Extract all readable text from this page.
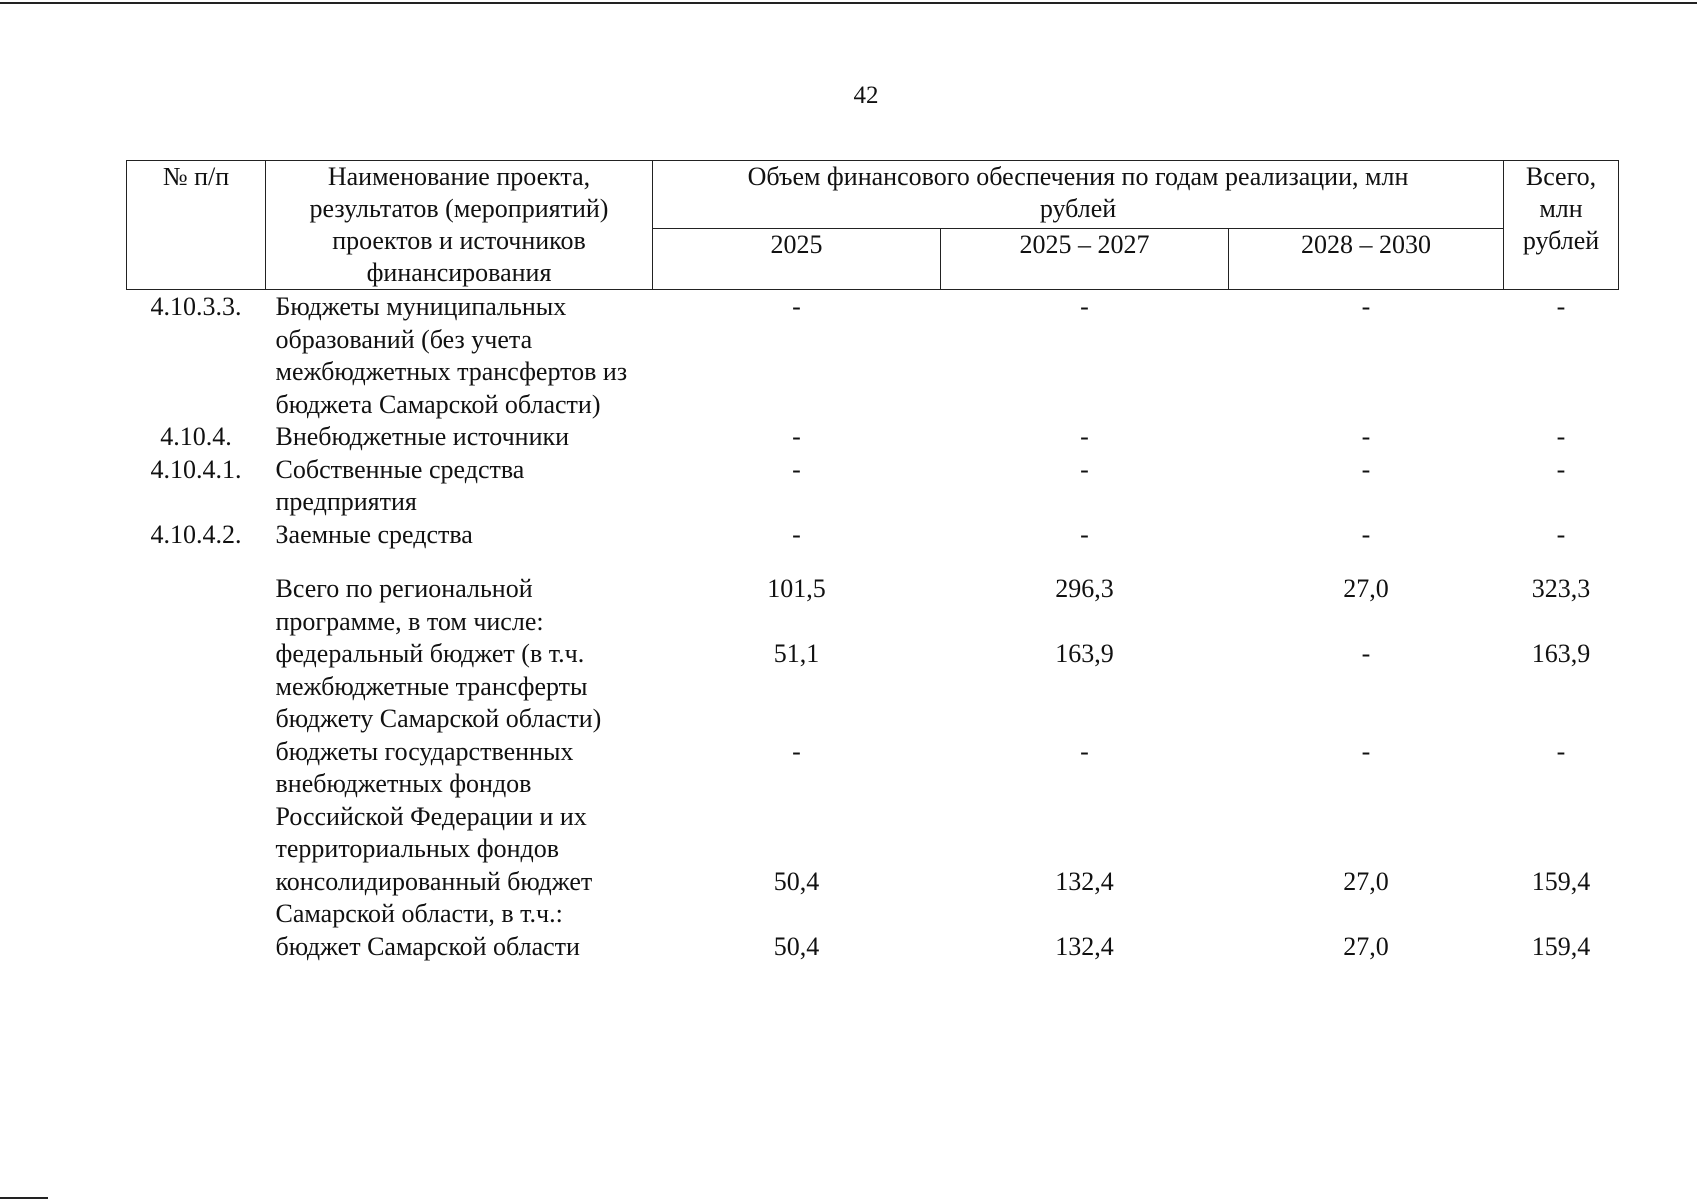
42
№ п/п	Наименование проекта, результатов (мероприятий) проектов и источников финансирования	Объем финансового обеспечения по годам реализации, млн рублей			Всего, млн рублей
		2025	2025 – 2027	2028 – 2030	
4.10.3.3.	Бюджеты муниципальных образований (без учета межбюджетных трансфертов из бюджета Самарской области)	-	-	-	-
4.10.4.	Внебюджетные источники	-	-	-	-
4.10.4.1.	Собственные средства предприятия	-	-	-	-
4.10.4.2.	Заемные средства	-	-	-	-
	Всего по региональной программе, в том числе:	101,5	296,3	27,0	323,3
	федеральный бюджет (в т.ч. межбюджетные трансферты бюджету Самарской области)	51,1	163,9	-	163,9
	бюджеты государственных внебюджетных фондов Российской Федерации и их территориальных фондов	-	-	-	-
	консолидированный бюджет Самарской области, в т.ч.:	50,4	132,4	27,0	159,4
	бюджет Самарской области	50,4	132,4	27,0	159,4
